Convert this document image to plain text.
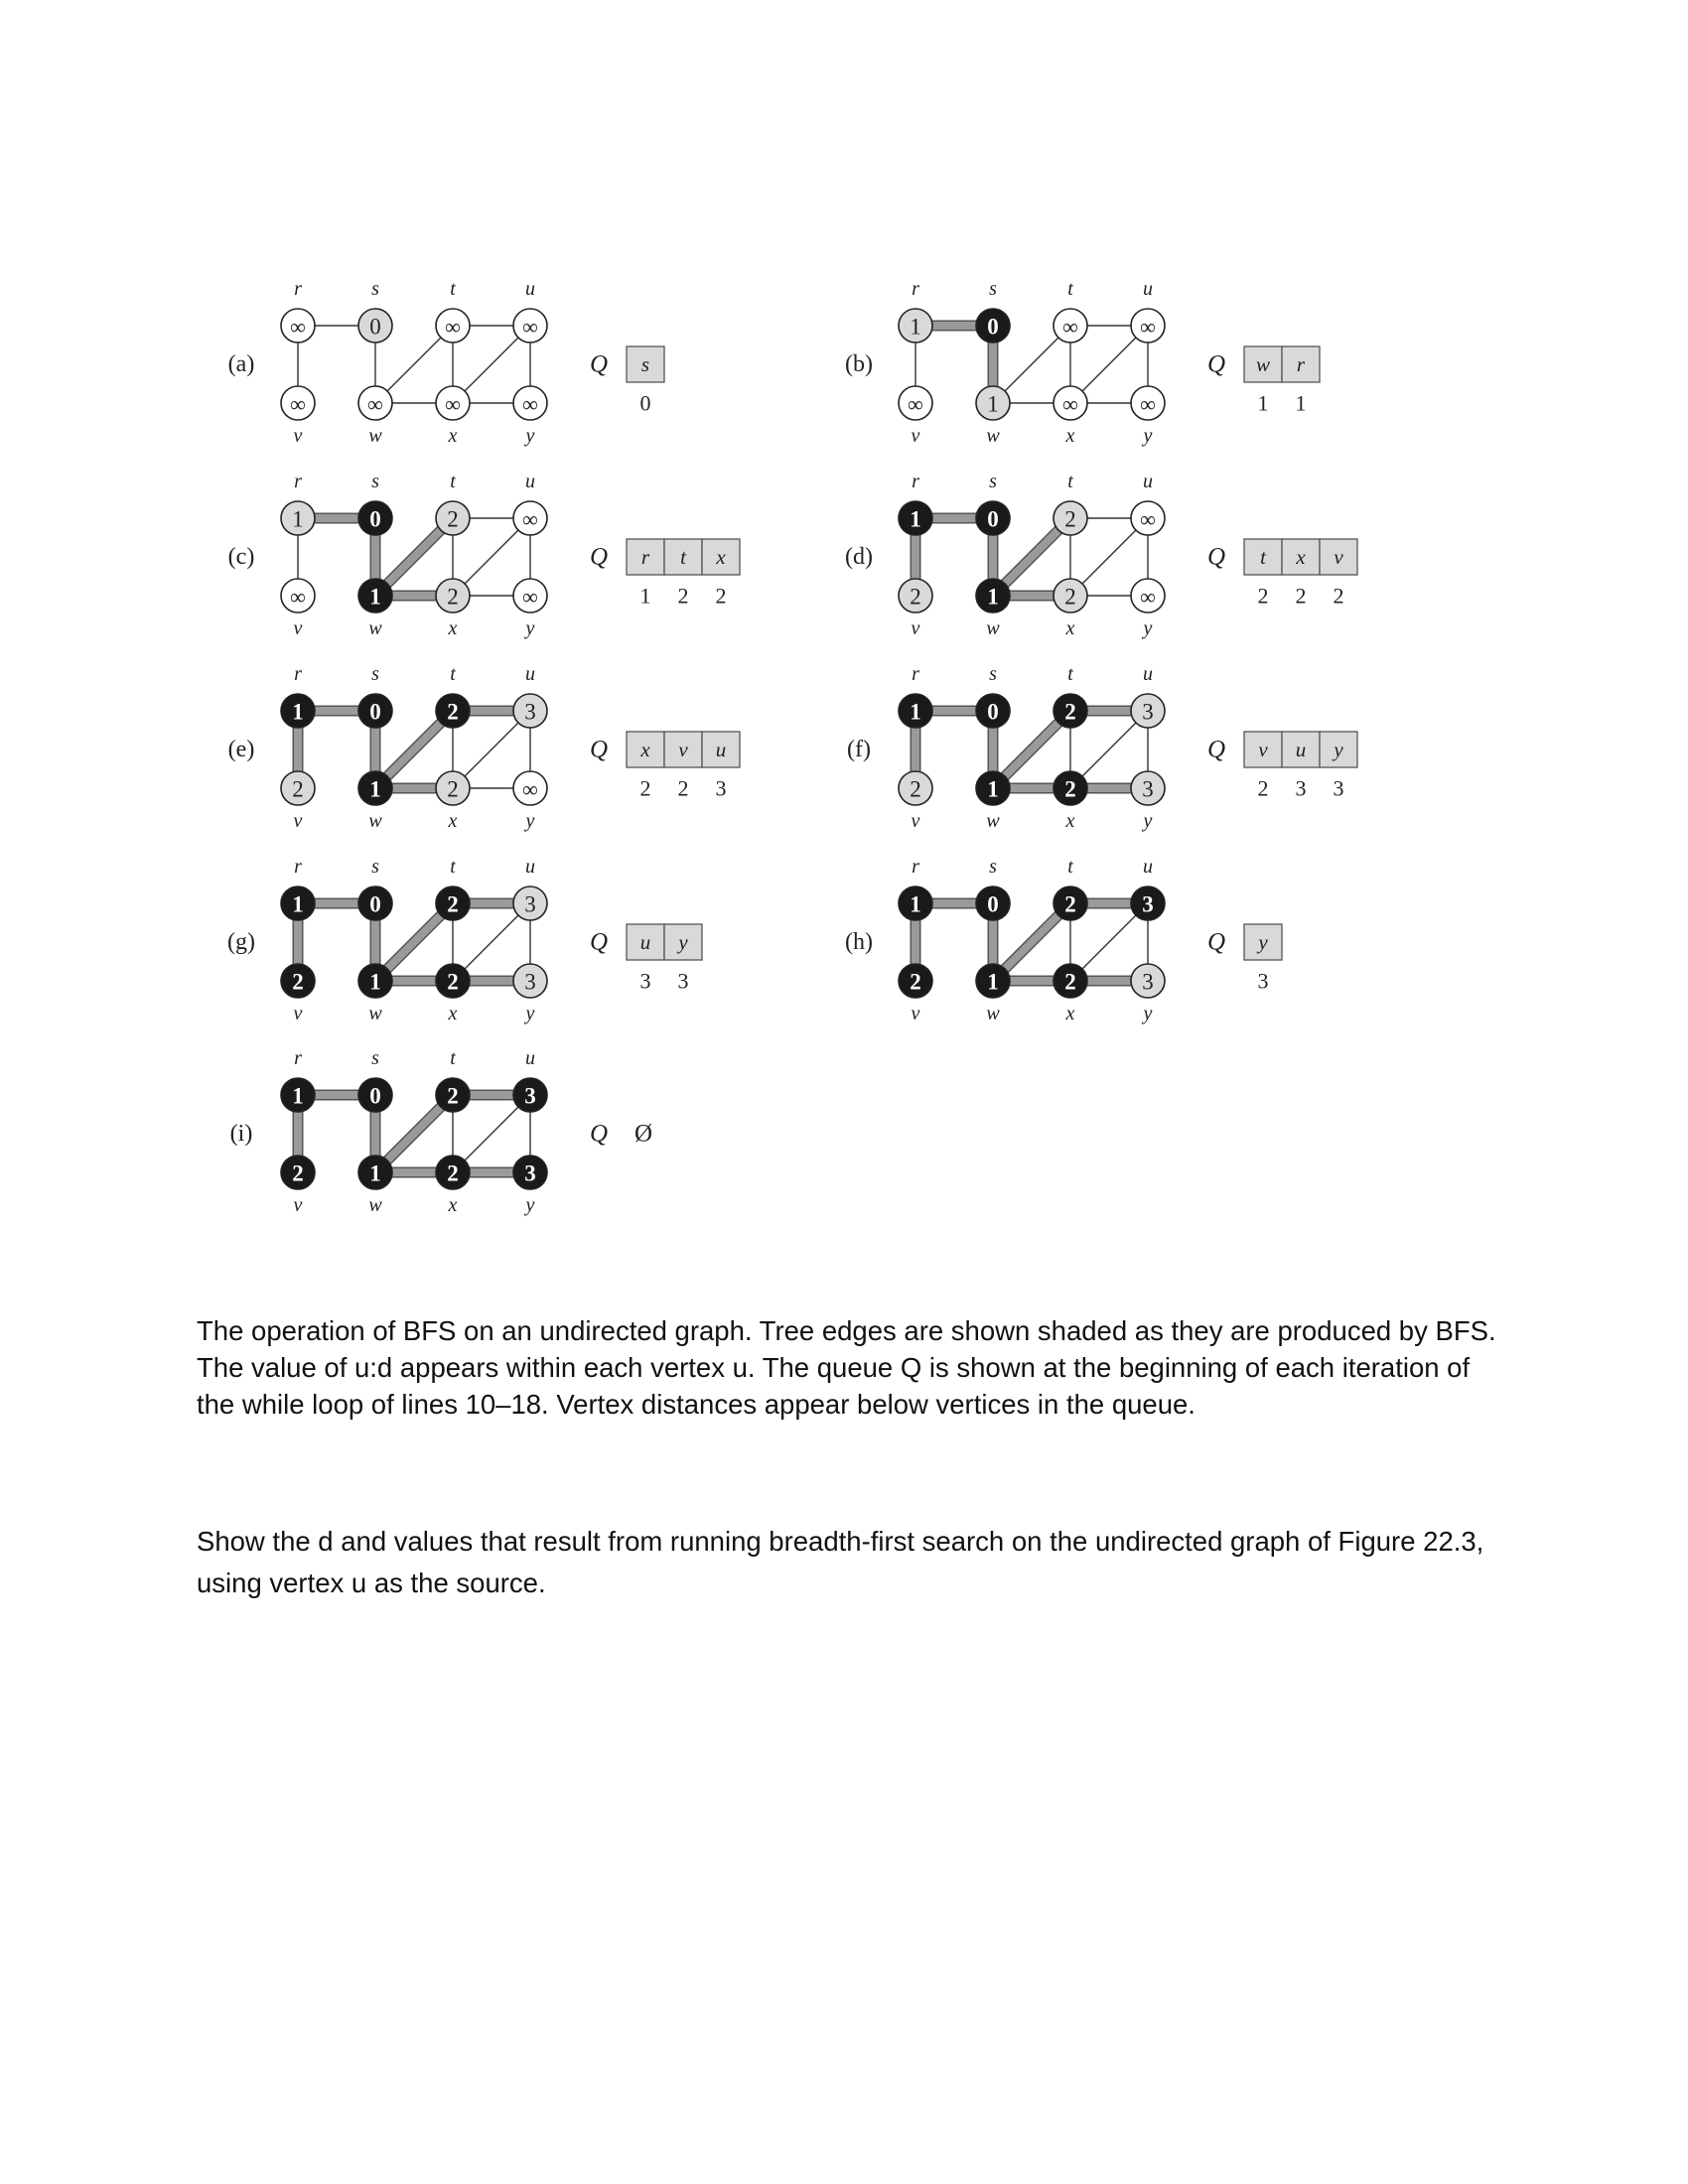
(a)
∞
r
0
s
∞
t
∞
u
∞
v
∞
w
∞
x
∞
y
Q s
0
(b)
1
r
0
s
∞
t
∞
u
∞
v
1
w
∞
x
∞
y
Q w
1
r
1
(c)
1
r
0
s
2
t
∞
u
∞
v
1
w
2
x
∞
y
Q r
1
t
2
x
2
(d)
1
r
0
s
2
t
∞
u
2
v
1
w
2
x
∞
y
Q t
2
x
2
v
2
(e)
1
r
0
s
2
t
3
u
2
v
1
w
2
x
∞
y
Q x
2
v
2
u
3
(f)
1
r
0
s
2
t
3
u
2
v
1
w
2
x
3
y
Q v
2
u
3
y
3
(g)
1
r
0
s
2
t
3
u
2
v
1
w
2
x
3
y
Q u
3
y
3
(h)
1
r
0
s
2
t
3
u
2
v
1
w
2
x
3
y
Q y
3
(i)
1
r
0
s
2
t
3
u
2
v
1
w
2
x
3
y
Q Ø

The operation of BFS on an undirected graph. Tree edges are shown shaded as they are produced by BFS. The value of u:d appears within each vertex u. The queue Q is shown at the beginning of each iteration of the while loop of lines 10–18. Vertex distances appear below vertices in the queue.

Show the d and values that result from running breadth-first search on the undirected graph of Figure 22.3, using vertex u as the source.
